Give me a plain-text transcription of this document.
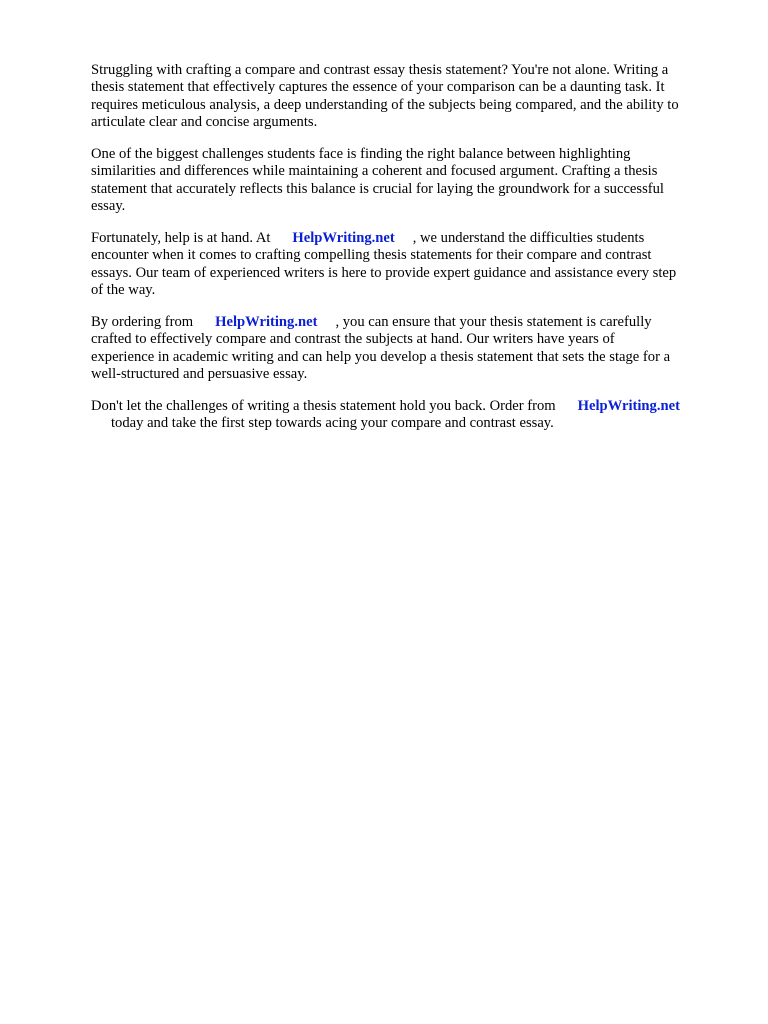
Struggling with crafting a compare and contrast essay thesis statement? You're not alone. Writing a
thesis statement that effectively captures the essence of your comparison can be a daunting task. It
requires meticulous analysis, a deep understanding of the subjects being compared, and the ability to
articulate clear and concise arguments.

One of the biggest challenges students face is finding the right balance between highlighting
similarities and differences while maintaining a coherent and focused argument. Crafting a thesis
statement that accurately reflects this balance is crucial for laying the groundwork for a successful
essay.

Fortunately, help is at hand. At HelpWriting.net , we understand the difficulties students
encounter when it comes to crafting compelling thesis statements for their compare and contrast
essays. Our team of experienced writers is here to provide expert guidance and assistance every step
of the way.

By ordering from HelpWriting.net , you can ensure that your thesis statement is carefully
crafted to effectively compare and contrast the subjects at hand. Our writers have years of
experience in academic writing and can help you develop a thesis statement that sets the stage for a
well-structured and persuasive essay.

Don't let the challenges of writing a thesis statement hold you back. Order from HelpWriting.net
today and take the first step towards acing your compare and contrast essay.
